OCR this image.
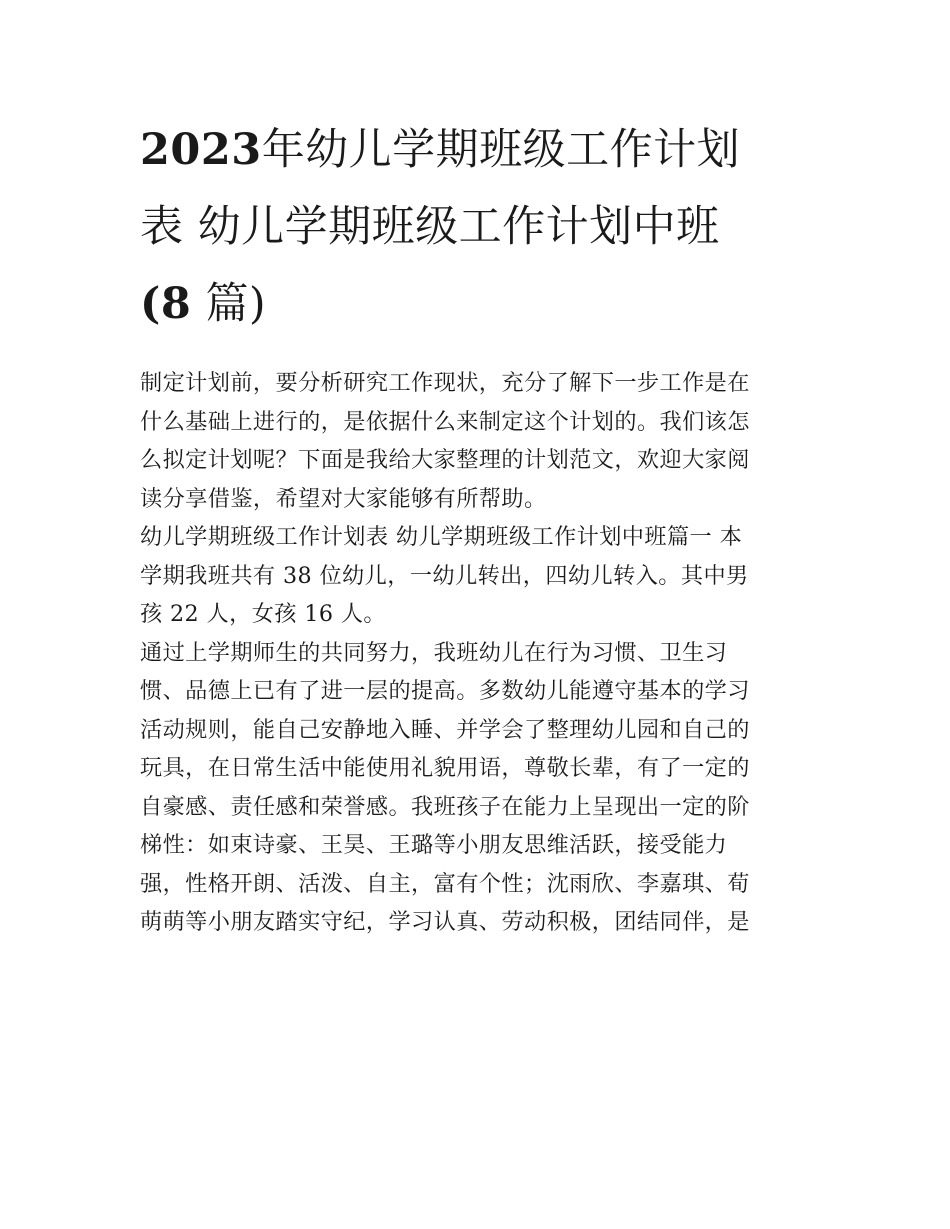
2023年幼儿学期班级工作计划
表 幼儿学期班级工作计划中班
(8 篇)
制定计划前，要分析研究工作现状，充分了解下一步工作是在
什么基础上进行的，是依据什么来制定这个计划的。我们该怎
么拟定计划呢？下面是我给大家整理的计划范文，欢迎大家阅
读分享借鉴，希望对大家能够有所帮助。
幼儿学期班级工作计划表 幼儿学期班级工作计划中班篇一 本
学期我班共有 38 位幼儿，一幼儿转出，四幼儿转入。其中男
孩 22 人，女孩 16 人。
通过上学期师生的共同努力，我班幼儿在行为习惯、卫生习
惯、品德上已有了进一层的提高。多数幼儿能遵守基本的学习
活动规则，能自己安静地入睡、并学会了整理幼儿园和自己的
玩具，在日常生活中能使用礼貌用语，尊敬长辈，有了一定的
自豪感、责任感和荣誉感。我班孩子在能力上呈现出一定的阶
梯性：如束诗豪、王昊、王璐等小朋友思维活跃，接受能力
强，性格开朗、活泼、自主，富有个性；沈雨欣、李嘉琪、荀
萌萌等小朋友踏实守纪，学习认真、劳动积极，团结同伴，是
